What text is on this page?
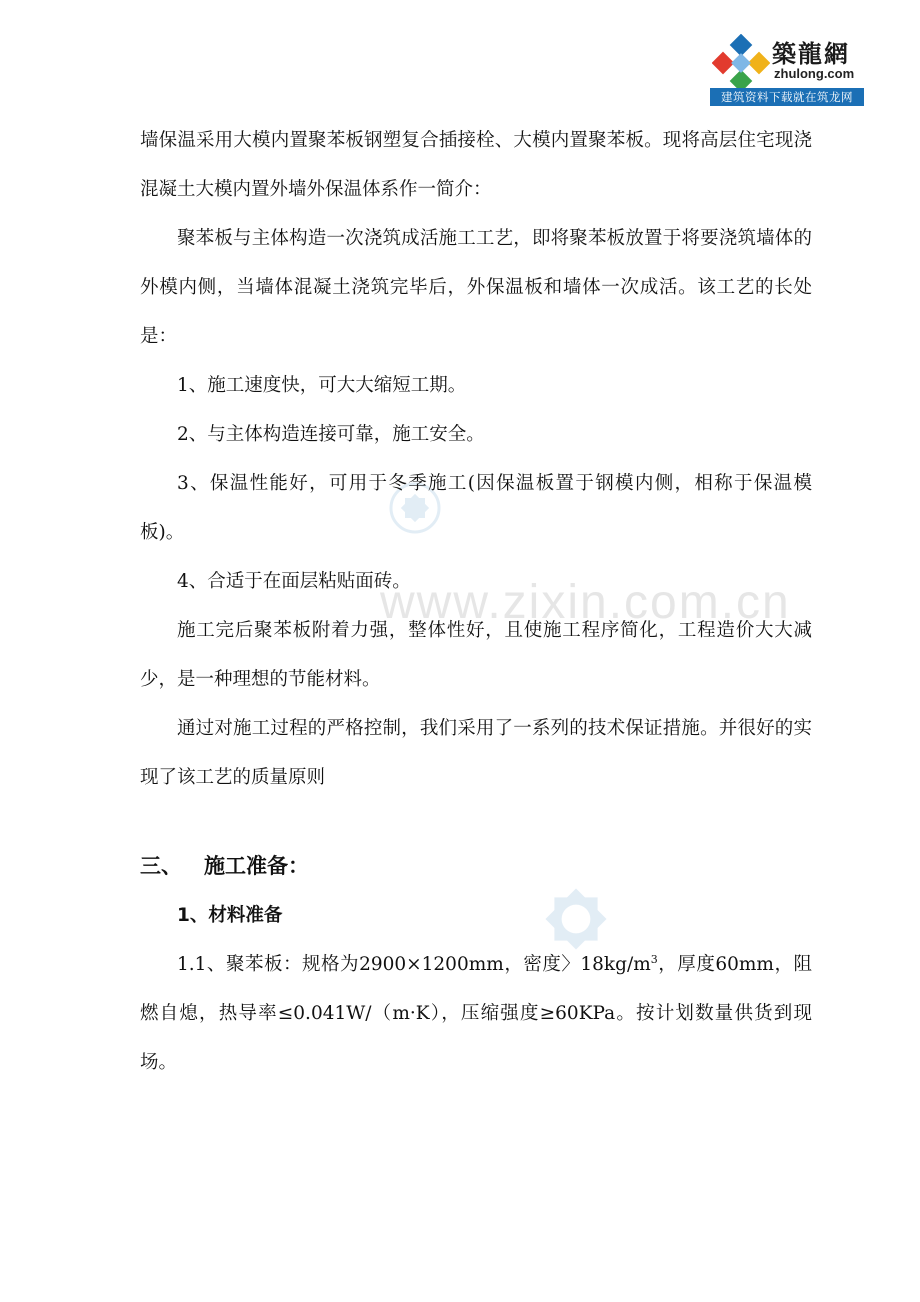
築龍網
zhulong.com
建筑资料下载就在筑龙网
www.zixin.com.cn

墙保温采用大模内置聚苯板钢塑复合插接栓、大模内置聚苯板。现将高层住宅现浇混凝土大模内置外墙外保温体系作一简介：

聚苯板与主体构造一次浇筑成活施工工艺，即将聚苯板放置于将要浇筑墙体的外模内侧，当墙体混凝土浇筑完毕后，外保温板和墙体一次成活。该工艺的长处是：

1、施工速度快，可大大缩短工期。

2、与主体构造连接可靠，施工安全。

3、保温性能好，可用于冬季施工(因保温板置于钢模内侧，相称于保温模板)。

4、合适于在面层粘贴面砖。

施工完后聚苯板附着力强，整体性好，且使施工程序简化，工程造价大大减少，是一种理想的节能材料。

通过对施工过程的严格控制，我们采用了一系列的技术保证措施。并很好的实现了该工艺的质量原则

三、 施工准备：

1、材料准备

1.1、聚苯板：规格为2900×1200mm，密度〉$18kg/m^3$，厚度60mm，阻燃自熄，热导率≤0.041W/（m·K），压缩强度≥60KPa。按计划数量供货到现场。
